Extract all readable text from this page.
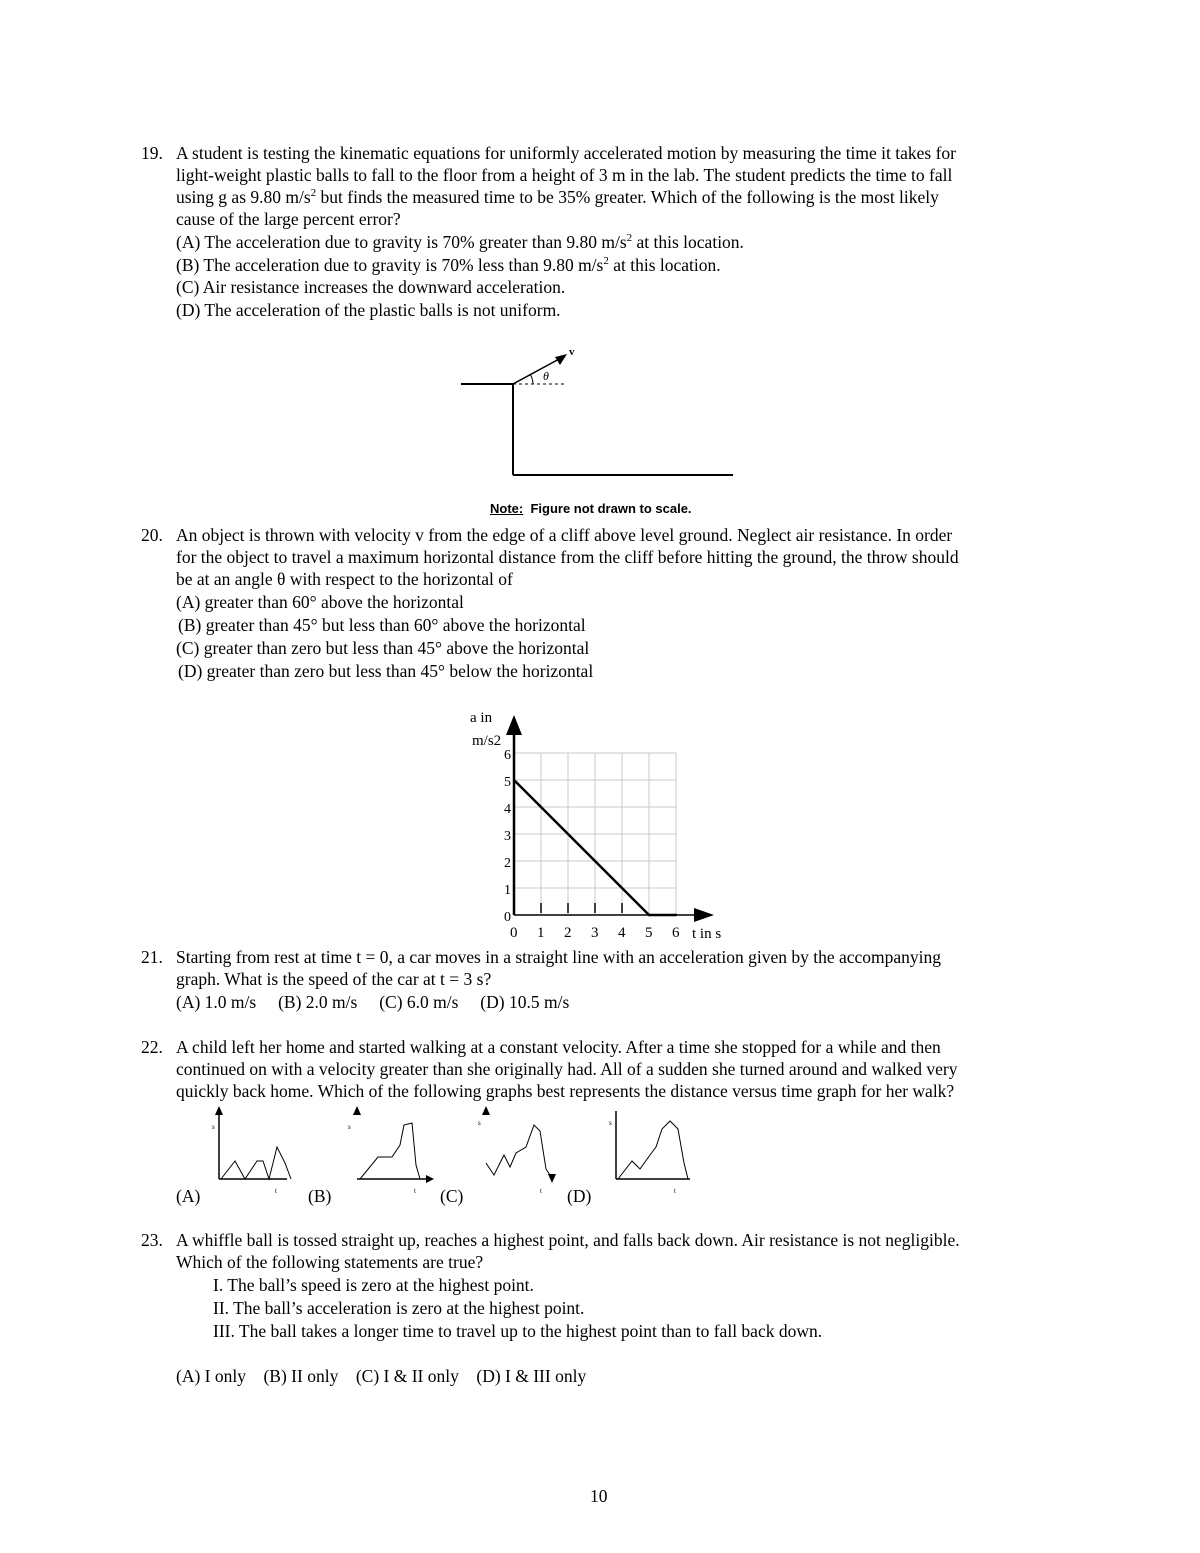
19. A student is testing the kinematic equations for uniformly accelerated motion by measuring the time it takes for
light-weight plastic balls to fall to the floor from a height of 3 m in the lab. The student predicts the time to fall
using g as 9.80 $m/s^2$ but finds the measured time to be 35% greater. Which of the following is the most likely
cause of the large percent error?
(A) The acceleration due to gravity is 70% greater than 9.80 $m/s^2$ at this location.
(B) The acceleration due to gravity is 70% less than 9.80 $m/s^2$ at this location.
(C) Air resistance increases the downward acceleration.
(D) The acceleration of the plastic balls is not uniform.
v
θ
Note: Figure not drawn to scale.
20. An object is thrown with velocity v from the edge of a cliff above level ground. Neglect air resistance. In order
for the object to travel a maximum horizontal distance from the cliff before hitting the ground, the throw should
be at an angle θ with respect to the horizontal of
(A) greater than 60° above the horizontal
(B) greater than 45° but less than 60° above the horizontal
(C) greater than zero but less than 45° above the horizontal
(D) greater than zero but less than 45° below the horizontal
0
1
2
3
4
5
6
0 1 2 3 4 5 6
a in
m/s2
t in s
21. Starting from rest at time t = 0, a car moves in a straight line with an acceleration given by the accompanying
graph. What is the speed of the car at t = 3 s?
(A) 1.0 m/s     (B) 2.0 m/s     (C) 6.0 m/s     (D) 10.5 m/s
22. A child left her home and started walking at a constant velocity. After a time she stopped for a while and then
continued on with a velocity greater than she originally had. All of a sudden she turned around and walked very
quickly back home. Which of the following graphs best represents the distance versus time graph for her walk?
s
t
s
t
s
t
s
t
(A)	(B)	(C)	(D)
23. A whiffle ball is tossed straight up, reaches a highest point, and falls back down. Air resistance is not negligible.
Which of the following statements are true?
I. The ball’s speed is zero at the highest point.
II. The ball’s acceleration is zero at the highest point.
III. The ball takes a longer time to travel up to the highest point than to fall back down.
(A) I only    (B) II only    (C) I & II only    (D) I & III only
10
